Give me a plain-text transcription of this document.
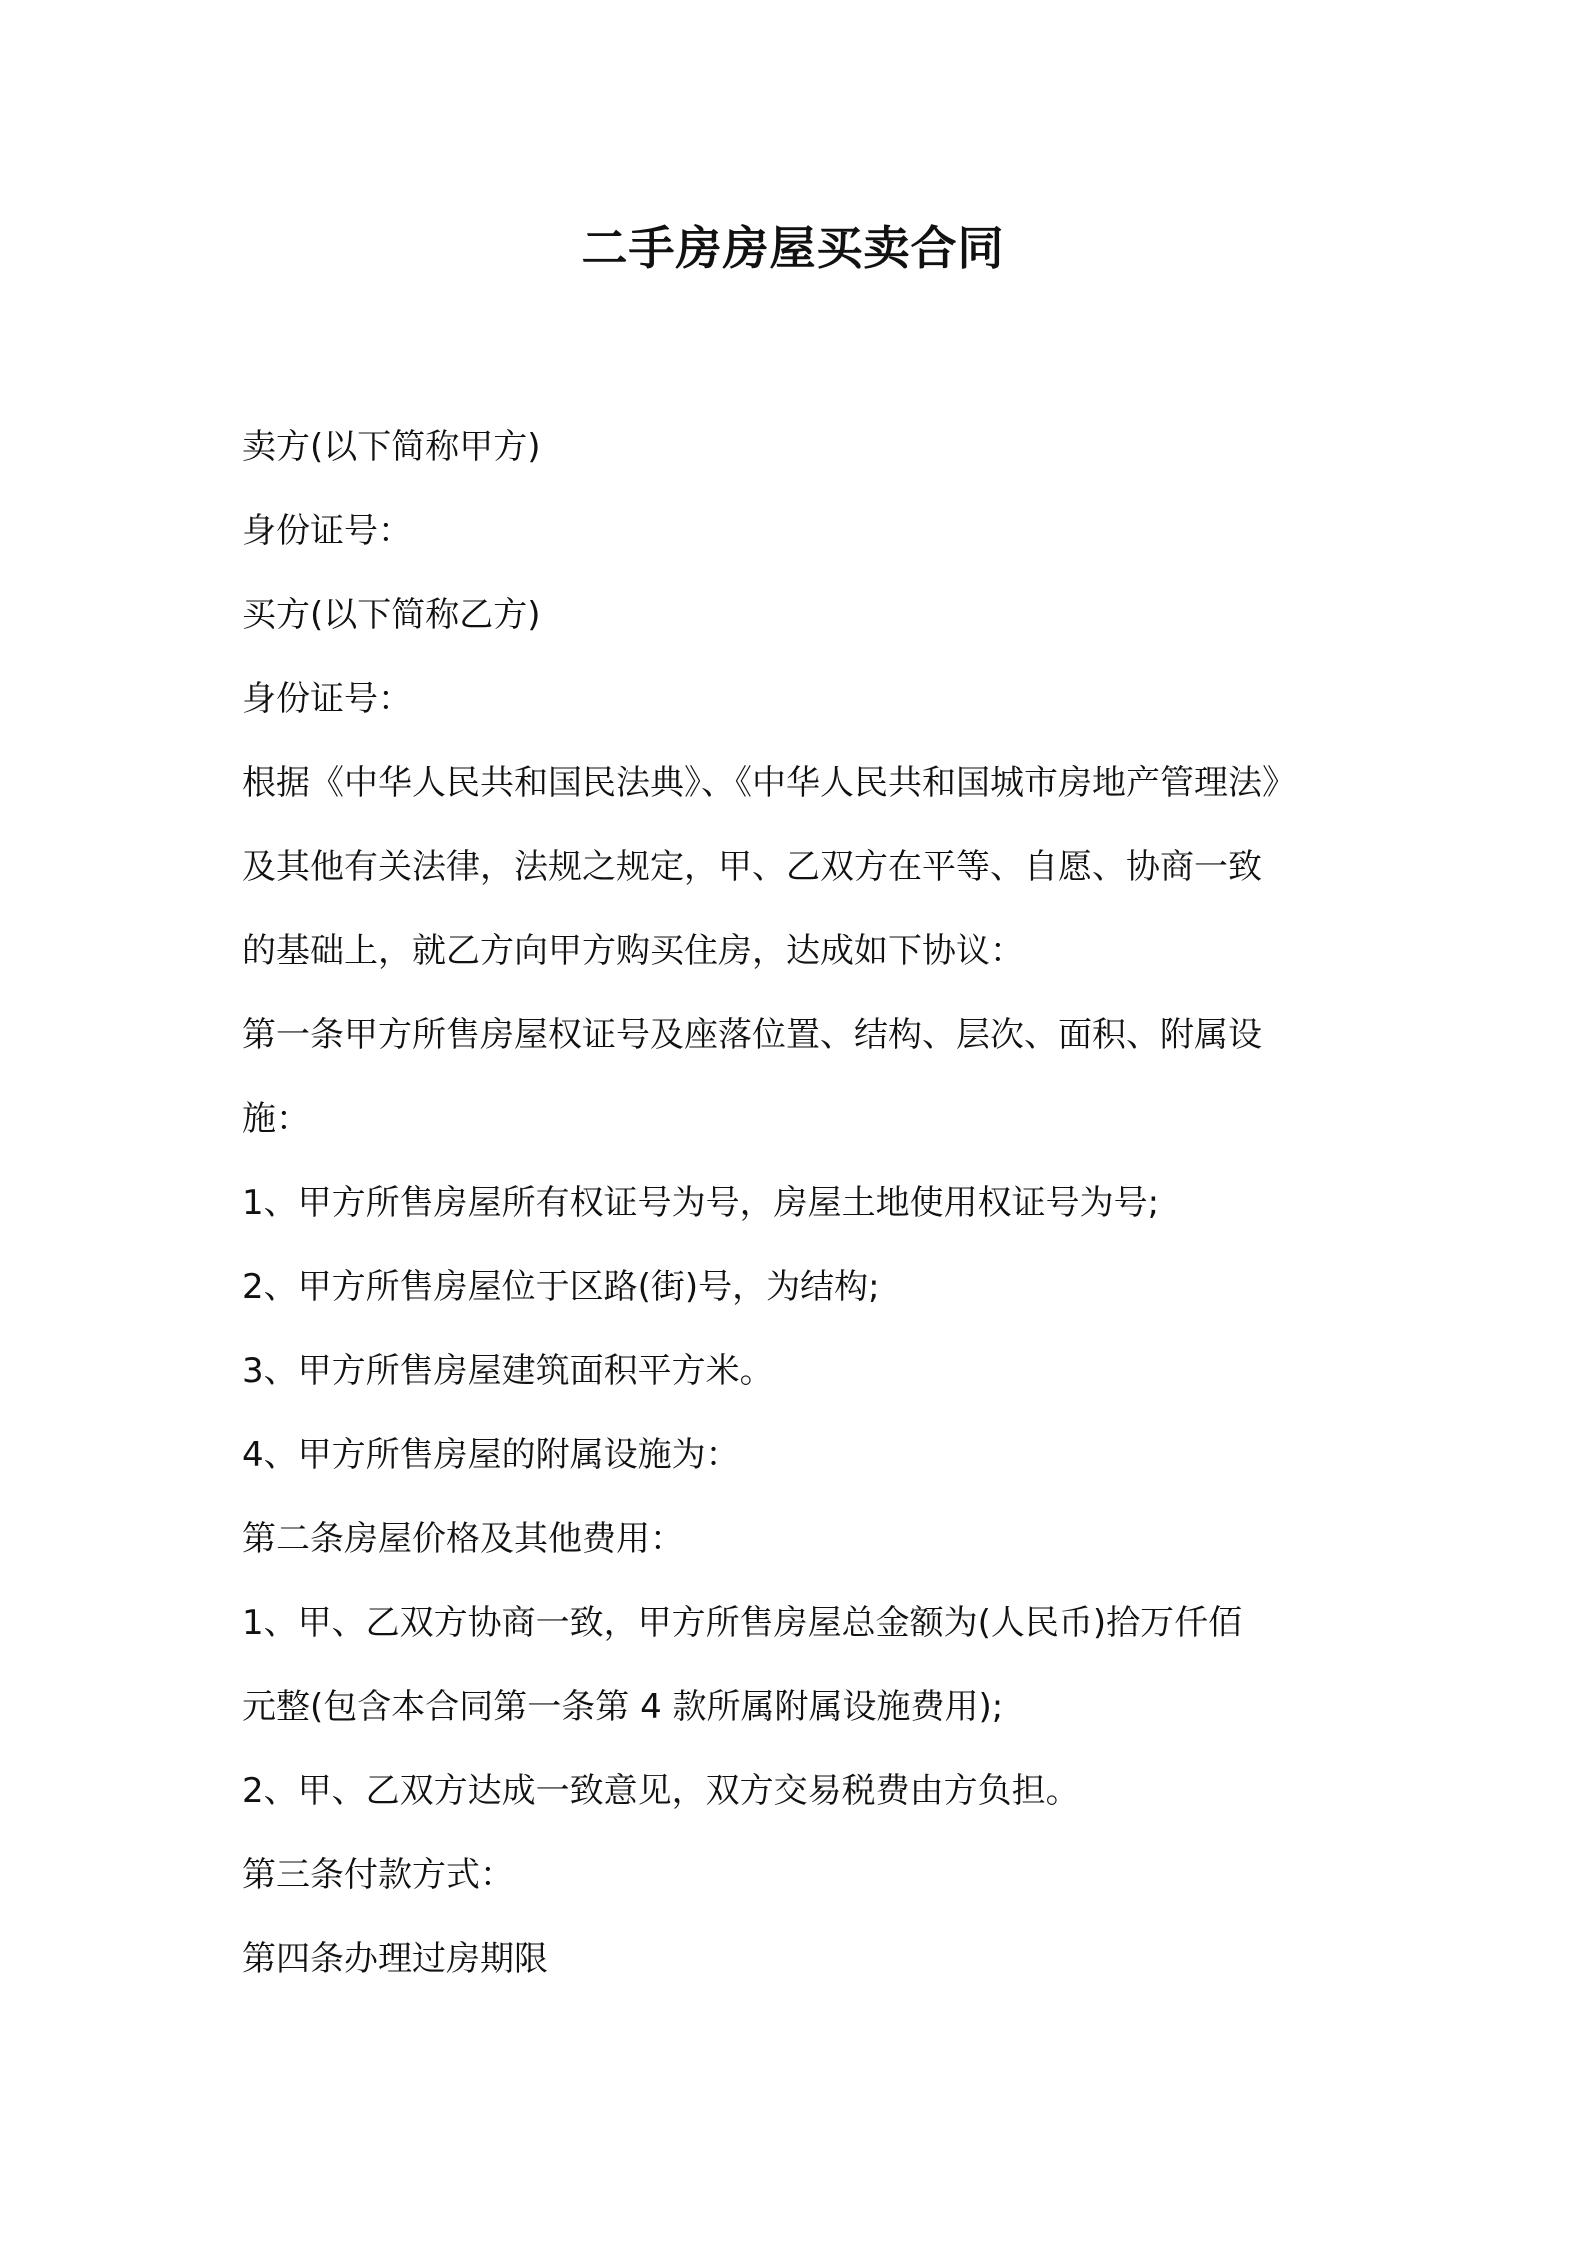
二手房房屋买卖合同

卖方(以下简称甲方)

身份证号：

买方(以下简称乙方)

身份证号：

根据《中华人民共和国民法典》、《中华人民共和国城市房地产管理法》

及其他有关法律，法规之规定，甲、乙双方在平等、自愿、协商一致

的基础上，就乙方向甲方购买住房，达成如下协议：

第一条甲方所售房屋权证号及座落位置、结构、层次、面积、附属设

施：

1、甲方所售房屋所有权证号为号，房屋土地使用权证号为号;

2、甲方所售房屋位于区路(街)号，为结构;

3、甲方所售房屋建筑面积平方米。

4、甲方所售房屋的附属设施为：

第二条房屋价格及其他费用：

1、甲、乙双方协商一致，甲方所售房屋总金额为(人民币)拾万仟佰

元整(包含本合同第一条第 4 款所属附属设施费用);

2、甲、乙双方达成一致意见，双方交易税费由方负担。

第三条付款方式：

第四条办理过房期限
